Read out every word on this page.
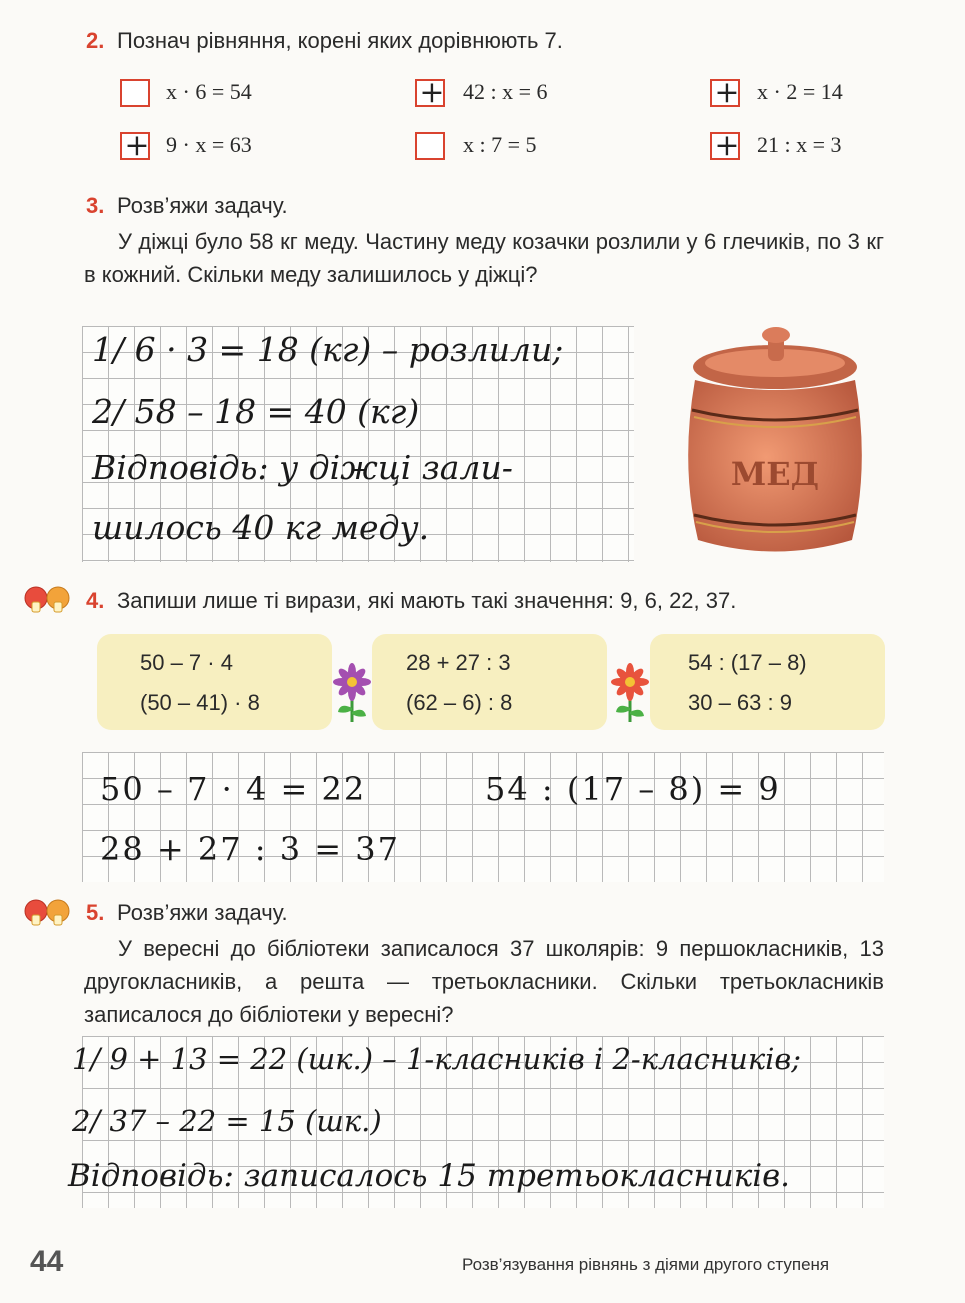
2. Познач рівняння, корені яких дорівнюють 7.
x · 6 = 54	+ 42 : x = 6	+ x · 2 = 14
+ 9 · x = 63	x : 7 = 5	+ 21 : x = 3
3. Розв’яжи задачу.
У діжці було 58 кг меду. Частину меду козачки розлили у 6 глечиків, по 3 кг в кожний. Скільки меду залишилось у діжці?
1/ 6 · 3 = 18 (кг) – розлили;
2/ 58 – 18 = 40 (кг)
Відповідь: у діжці зали-
шилось 40 кг меду.
МЕД
4. Запиши лише ті вирази, які мають такі значення: 9, 6, 22, 37.
50 – 7 · 4
(50 – 41) · 8
28 + 27 : 3
(62 – 6) : 8
54 : (17 – 8)
30 – 63 : 9
50 – 7 · 4 = 22	54 : (17 – 8) = 9
28 + 27 : 3 = 37
5. Розв’яжи задачу.
У вересні до бібліотеки записалося 37 школярів: 9 першокласників, 13 другокласників, а решта — третьокласники. Скільки третьокласників записалося до бібліотеки у вересні?
1/ 9 + 13 = 22 (шк.) – 1-класників і 2-класників;
2/ 37 – 22 = 15 (шк.)
Відповідь: записалось 15 третьокласників.
44	Розв’язування рівнянь з діями другого ступеня
